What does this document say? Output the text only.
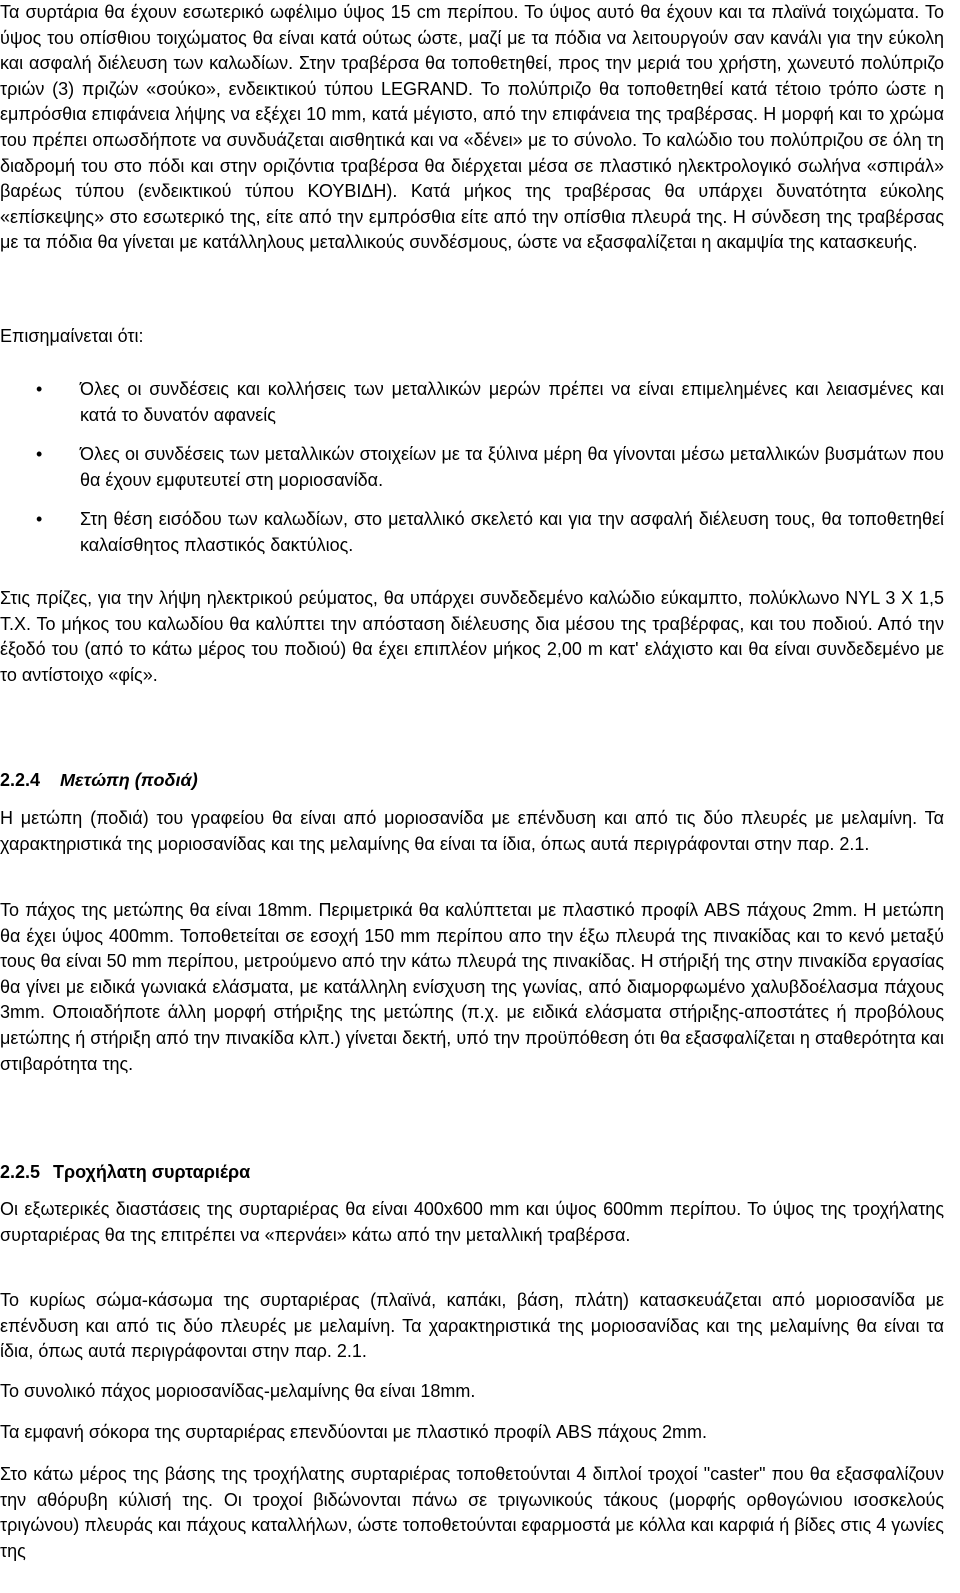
Τα συρτάρια θα έχουν εσωτερικό ωφέλιμο ύψος 15 cm περίπου. Το ύψος αυτό θα έχουν και τα πλαϊνά τοιχώματα. Το ύψος του οπίσθιου τοιχώματος θα είναι κατά ούτως ώστε, μαζί με τα πόδια να λειτουργούν σαν κανάλι για την εύκολη και ασφαλή διέλευση των καλωδίων. Στην τραβέρσα θα τοποθετηθεί, προς την μεριά του χρήστη, χωνευτό πολύπριζο τριών (3) πριζών «σούκο», ενδεικτικού τύπου LEGRAND. Το πολύπριζο θα τοποθετηθεί κατά τέτοιο τρόπο ώστε η εμπρόσθια επιφάνεια λήψης να εξέχει 10 mm, κατά μέγιστο, από την επιφάνεια της τραβέρσας. Η μορφή και το χρώμα του πρέπει οπωσδήποτε να συνδυάζεται αισθητικά και να «δένει» με το σύνολο. Το καλώδιο του πολύπριζου σε όλη τη διαδρομή του στο πόδι και στην οριζόντια τραβέρσα θα διέρχεται μέσα σε πλαστικό ηλεκτρολογικό σωλήνα «σπιράλ» βαρέως τύπου (ενδεικτικού τύπου ΚΟΥΒΙΔΗ). Κατά μήκος της τραβέρσας θα υπάρχει δυνατότητα εύκολης «επίσκεψης» στο εσωτερικό της, είτε από την εμπρόσθια είτε από την οπίσθια πλευρά της. Η σύνδεση της τραβέρσας με τα πόδια θα γίνεται με κατάλληλους μεταλλικούς συνδέσμους, ώστε να εξασφαλίζεται η ακαμψία της κατασκευής.

Επισημαίνεται ότι:

• Όλες οι συνδέσεις και κολλήσεις των μεταλλικών μερών πρέπει να είναι επιμελημένες και λειασμένες και κατά το δυνατόν αφανείς
• Όλες οι συνδέσεις των μεταλλικών στοιχείων με τα ξύλινα μέρη θα γίνονται μέσω μεταλλικών βυσμάτων που θα έχουν εμφυτευτεί στη μοριοσανίδα.
• Στη θέση εισόδου των καλωδίων, στο μεταλλικό σκελετό και για την ασφαλή διέλευση τους, θα τοποθετηθεί καλαίσθητος πλαστικός δακτύλιος.

Στις πρίζες, για την λήψη ηλεκτρικού ρεύματος, θα υπάρχει συνδεδεμένο καλώδιο εύκαμπτο, πολύκλωνο NYL 3 Χ 1,5 Τ.Χ. Το μήκος του καλωδίου θα καλύπτει την απόσταση διέλευσης δια μέσου της τραβέρφας, και του ποδιού. Από την έξοδό του (από το κάτω μέρος του ποδιού) θα έχει επιπλέον μήκος 2,00 m κατ' ελάχιστο και θα είναι συνδεδεμένο με το αντίστοιχο «φίς».

2.2.4 Μετώπη (ποδιά)

Η μετώπη (ποδιά) του γραφείου θα είναι από μοριοσανίδα με επένδυση και από τις δύο πλευρές με μελαμίνη. Τα χαρακτηριστικά της μοριοσανίδας και της μελαμίνης θα είναι τα ίδια, όπως αυτά περιγράφονται στην παρ. 2.1.

Το πάχος της μετώπης θα είναι 18mm. Περιμετρικά θα καλύπτεται με πλαστικό προφίλ ABS πάχους 2mm. Η μετώπη θα έχει ύψος 400mm. Τοποθετείται σε εσοχή 150 mm περίπου απο την έξω πλευρά της πινακίδας και το κενό μεταξύ τους θα είναι 50 mm περίπου, μετρούμενο από την κάτω πλευρά της πινακίδας. Η στήριξή της στην πινακίδα εργασίας θα γίνει με ειδικά γωνιακά ελάσματα, με κατάλληλη ενίσχυση της γωνίας, από διαμορφωμένο χαλυβδοέλασμα πάχους 3mm. Οποιαδήποτε άλλη μορφή στήριξης της μετώπης (π.χ. με ειδικά ελάσματα στήριξης-αποστάτες ή προβόλους μετώπης ή στήριξη από την πινακίδα κλπ.) γίνεται δεκτή, υπό την προϋπόθεση ότι θα εξασφαλίζεται η σταθερότητα και στιβαρότητα της.

2.2.5 Τροχήλατη συρταριέρα

Οι εξωτερικές διαστάσεις της συρταριέρας θα είναι 400x600 mm και ύψος 600mm περίπου. Το ύψος της τροχήλατης συρταριέρας θα της επιτρέπει να «περνάει» κάτω από την μεταλλική τραβέρσα.

Το κυρίως σώμα-κάσωμα της συρταριέρας (πλαϊνά, καπάκι, βάση, πλάτη) κατασκευάζεται από μοριοσανίδα με επένδυση και από τις δύο πλευρές με μελαμίνη. Τα χαρακτηριστικά της μοριοσανίδας και της μελαμίνης θα είναι τα ίδια, όπως αυτά περιγράφονται στην παρ. 2.1.

Το συνολικό πάχος μοριοσανίδας-μελαμίνης θα είναι 18mm.

Τα εμφανή σόκορα της συρταριέρας επενδύονται με πλαστικό προφίλ ABS πάχους 2mm.

Στο κάτω μέρος της βάσης της τροχήλατης συρταριέρας τοποθετούνται 4 διπλοί τροχοί "caster" που θα εξασφαλίζουν την αθόρυβη κύλισή της. Οι τροχοί βιδώνονται πάνω σε τριγωνικούς τάκους (μορφής ορθογώνιου ισοσκελούς τριγώνου) πλευράς και πάχους καταλλήλων, ώστε τοποθετούνται εφαρμοστά με κόλλα και καρφιά ή βίδες στις 4 γωνίες της
